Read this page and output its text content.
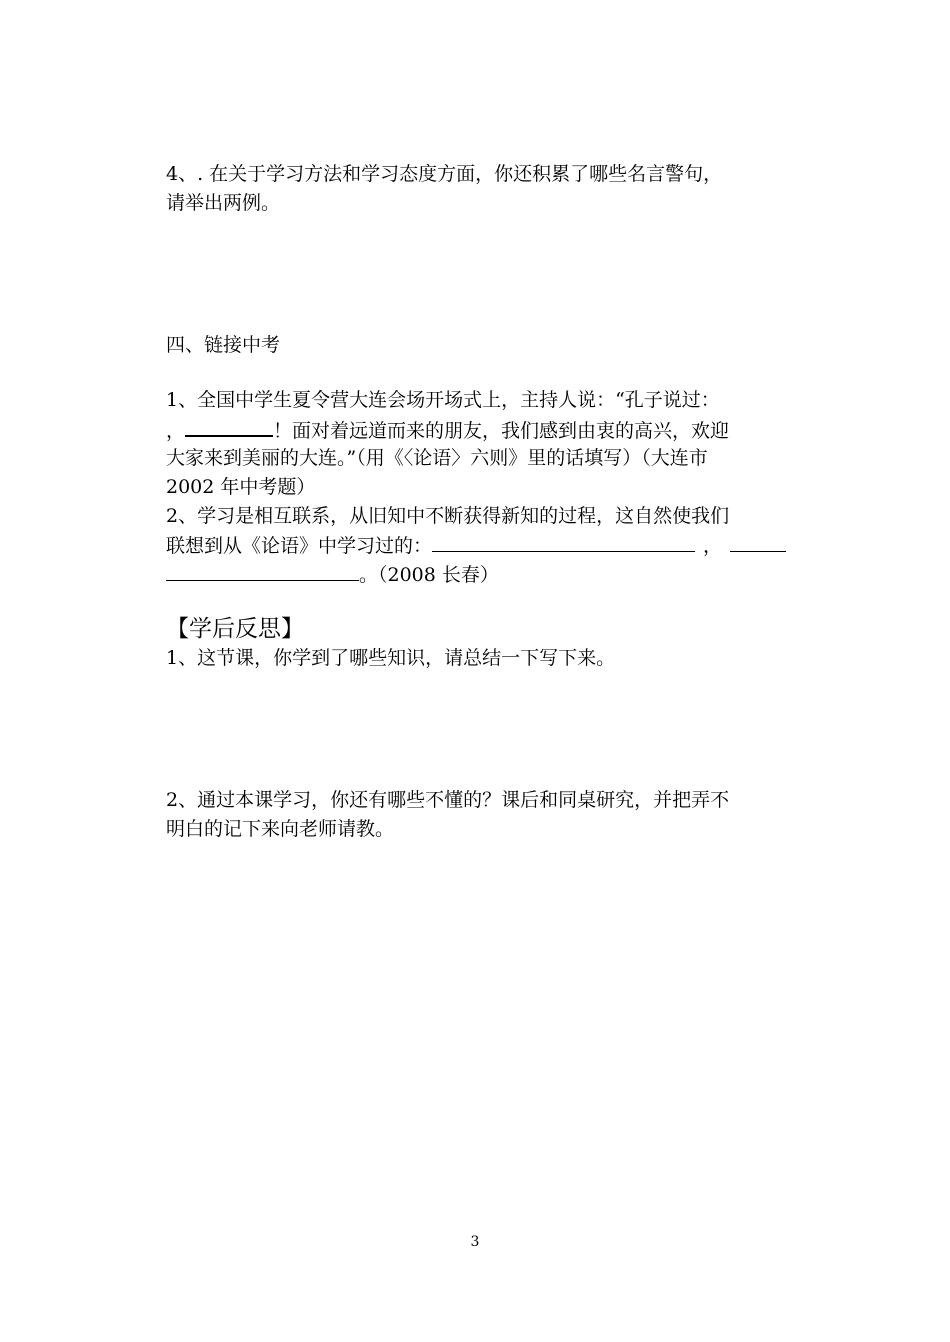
4、. 在关于学习方法和学习态度方面，你还积累了哪些名言警句，
请举出两例。
四、链接中考
1、全国中学生夏令营大连会场开场式上，主持人说：“孔子说过：
，	！面对着远道而来的朋友，我们感到由衷的高兴，欢迎
大家来到美丽的大连。”（用《〈论语〉六则》里的话填写）（大连市
2002 年中考题）
2、学习是相互联系，从旧知中不断获得新知的过程，这自然使我们
联想到从《论语》中学习过的：	，
。（2008 长春）
【学后反思】
1、这节课，你学到了哪些知识，请总结一下写下来。
2、通过本课学习，你还有哪些不懂的？课后和同桌研究，并把弄不
明白的记下来向老师请教。
3
